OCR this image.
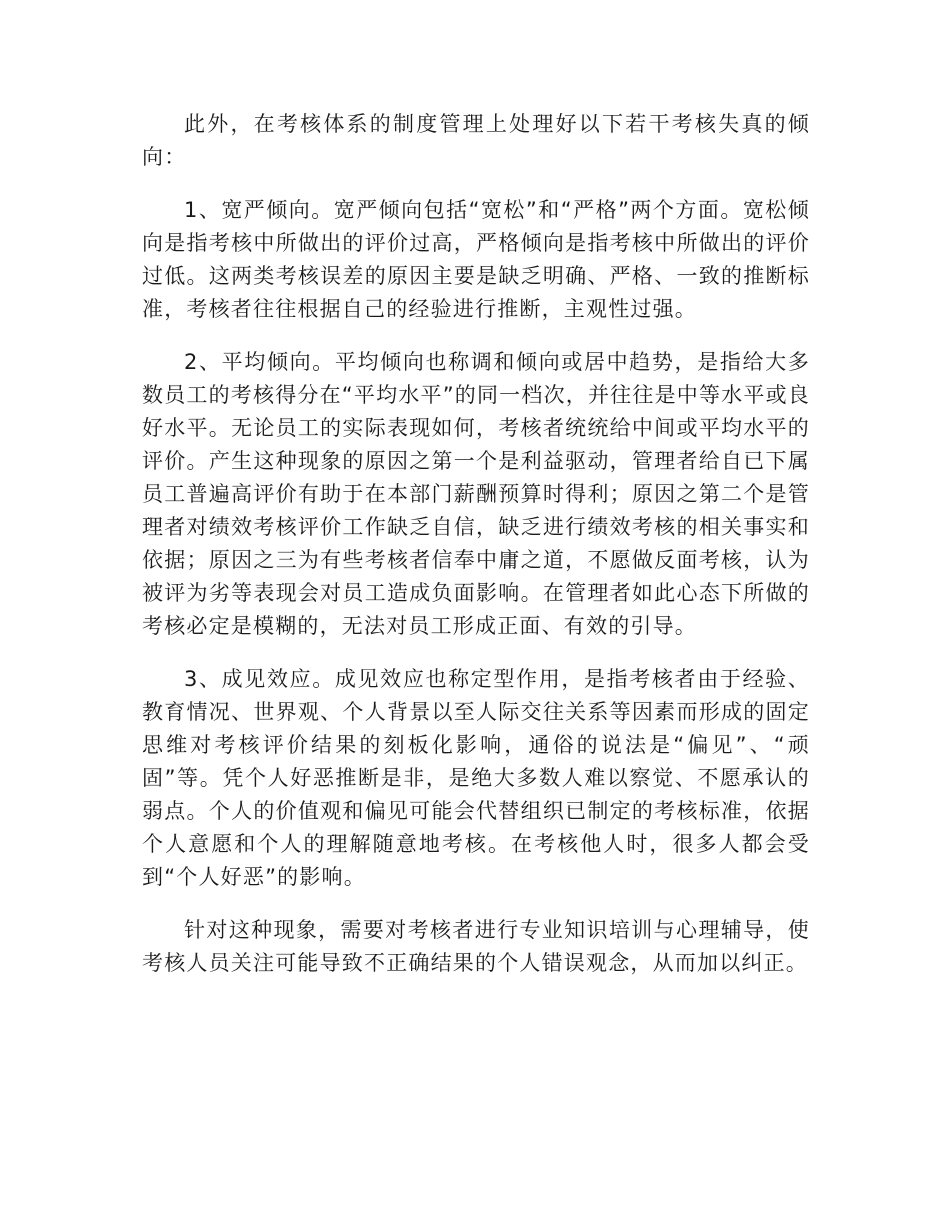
此外，在考核体系的制度管理上处理好以下若干考核失真的倾向：

1、宽严倾向。宽严倾向包括“宽松”和“严格”两个方面。宽松倾向是指考核中所做出的评价过高，严格倾向是指考核中所做出的评价过低。这两类考核误差的原因主要是缺乏明确、严格、一致的推断标准，考核者往往根据自己的经验进行推断，主观性过强。

2、平均倾向。平均倾向也称调和倾向或居中趋势，是指给大多数员工的考核得分在“平均水平”的同一档次，并往往是中等水平或良好水平。无论员工的实际表现如何，考核者统统给中间或平均水平的评价。产生这种现象的原因之第一个是利益驱动，管理者给自已下属员工普遍高评价有助于在本部门薪酬预算时得利；原因之第二个是管理者对绩效考核评价工作缺乏自信，缺乏进行绩效考核的相关事实和依据；原因之三为有些考核者信奉中庸之道，不愿做反面考核，认为被评为劣等表现会对员工造成负面影响。在管理者如此心态下所做的考核必定是模糊的，无法对员工形成正面、有效的引导。

3、成见效应。成见效应也称定型作用，是指考核者由于经验、教育情况、世界观、个人背景以至人际交往关系等因素而形成的固定思维对考核评价结果的刻板化影响，通俗的说法是“偏见”、“顽固”等。凭个人好恶推断是非，是绝大多数人难以察觉、不愿承认的弱点。个人的价值观和偏见可能会代替组织已制定的考核标准，依据个人意愿和个人的理解随意地考核。在考核他人时，很多人都会受到“个人好恶”的影响。

针对这种现象，需要对考核者进行专业知识培训与心理辅导，使考核人员关注可能导致不正确结果的个人错误观念，从而加以纠正。
